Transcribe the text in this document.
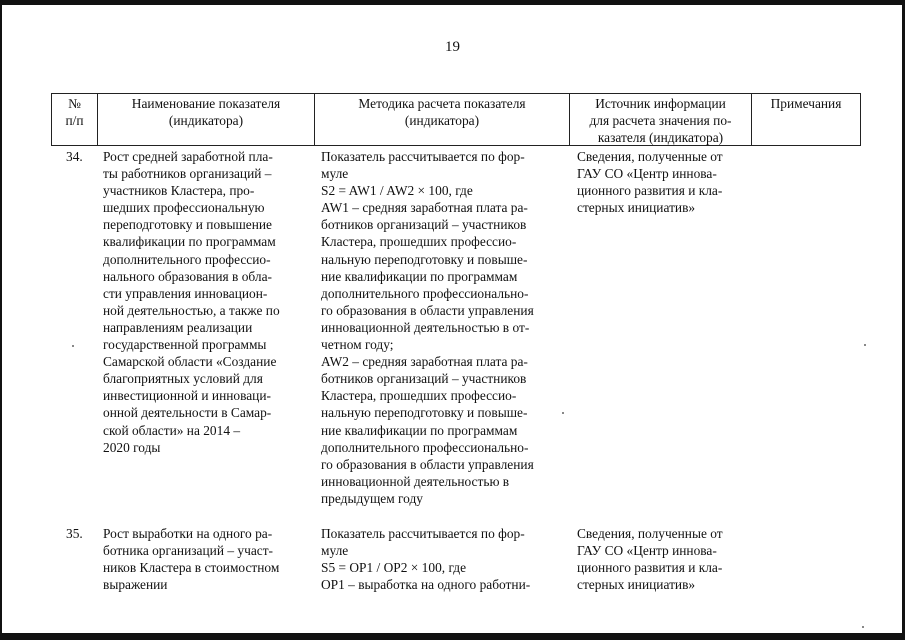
19
№
п/п
Наименование показателя
(индикатора)
Методика расчета показателя
(индикатора)
Источник информации
для расчета значения по-
казателя (индикатора)
Примечания
34. Рост средней заработной пла-
ты работников организаций –
участников Кластера, про-
шедших профессиональную
переподготовку и повышение
квалификации по программам
дополнительного профессио-
нального образования в обла-
сти управления инновацион-
ной деятельностью, а также по
направлениям реализации
государственной программы
Самарской области «Создание
благоприятных условий для
инвестиционной и инноваци-
онной деятельности в Самар-
ской области» на 2014 –
2020 годы
Показатель рассчитывается по фор-
муле
S2 = AW1 / AW2 × 100, где
AW1 – средняя заработная плата ра-
ботников организаций – участников
Кластера, прошедших профессио-
нальную переподготовку и повыше-
ние квалификации по программам
дополнительного профессионально-
го образования в области управления
инновационной деятельностью в от-
четном году;
AW2 – средняя заработная плата ра-
ботников организаций – участников
Кластера, прошедших профессио-
нальную переподготовку и повыше-
ние квалификации по программам
дополнительного профессионально-
го образования в области управления
инновационной деятельностью в
предыдущем году
Сведения, полученные от
ГАУ СО «Центр иннова-
ционного развития и кла-
стерных инициатив»
35. Рост выработки на одного ра-
ботника организаций – участ-
ников Кластера в стоимостном
выражении
Показатель рассчитывается по фор-
муле
S5 = OP1 / OP2 × 100, где
OP1 – выработка на одного работни-
Сведения, полученные от
ГАУ СО «Центр иннова-
ционного развития и кла-
стерных инициатив»
